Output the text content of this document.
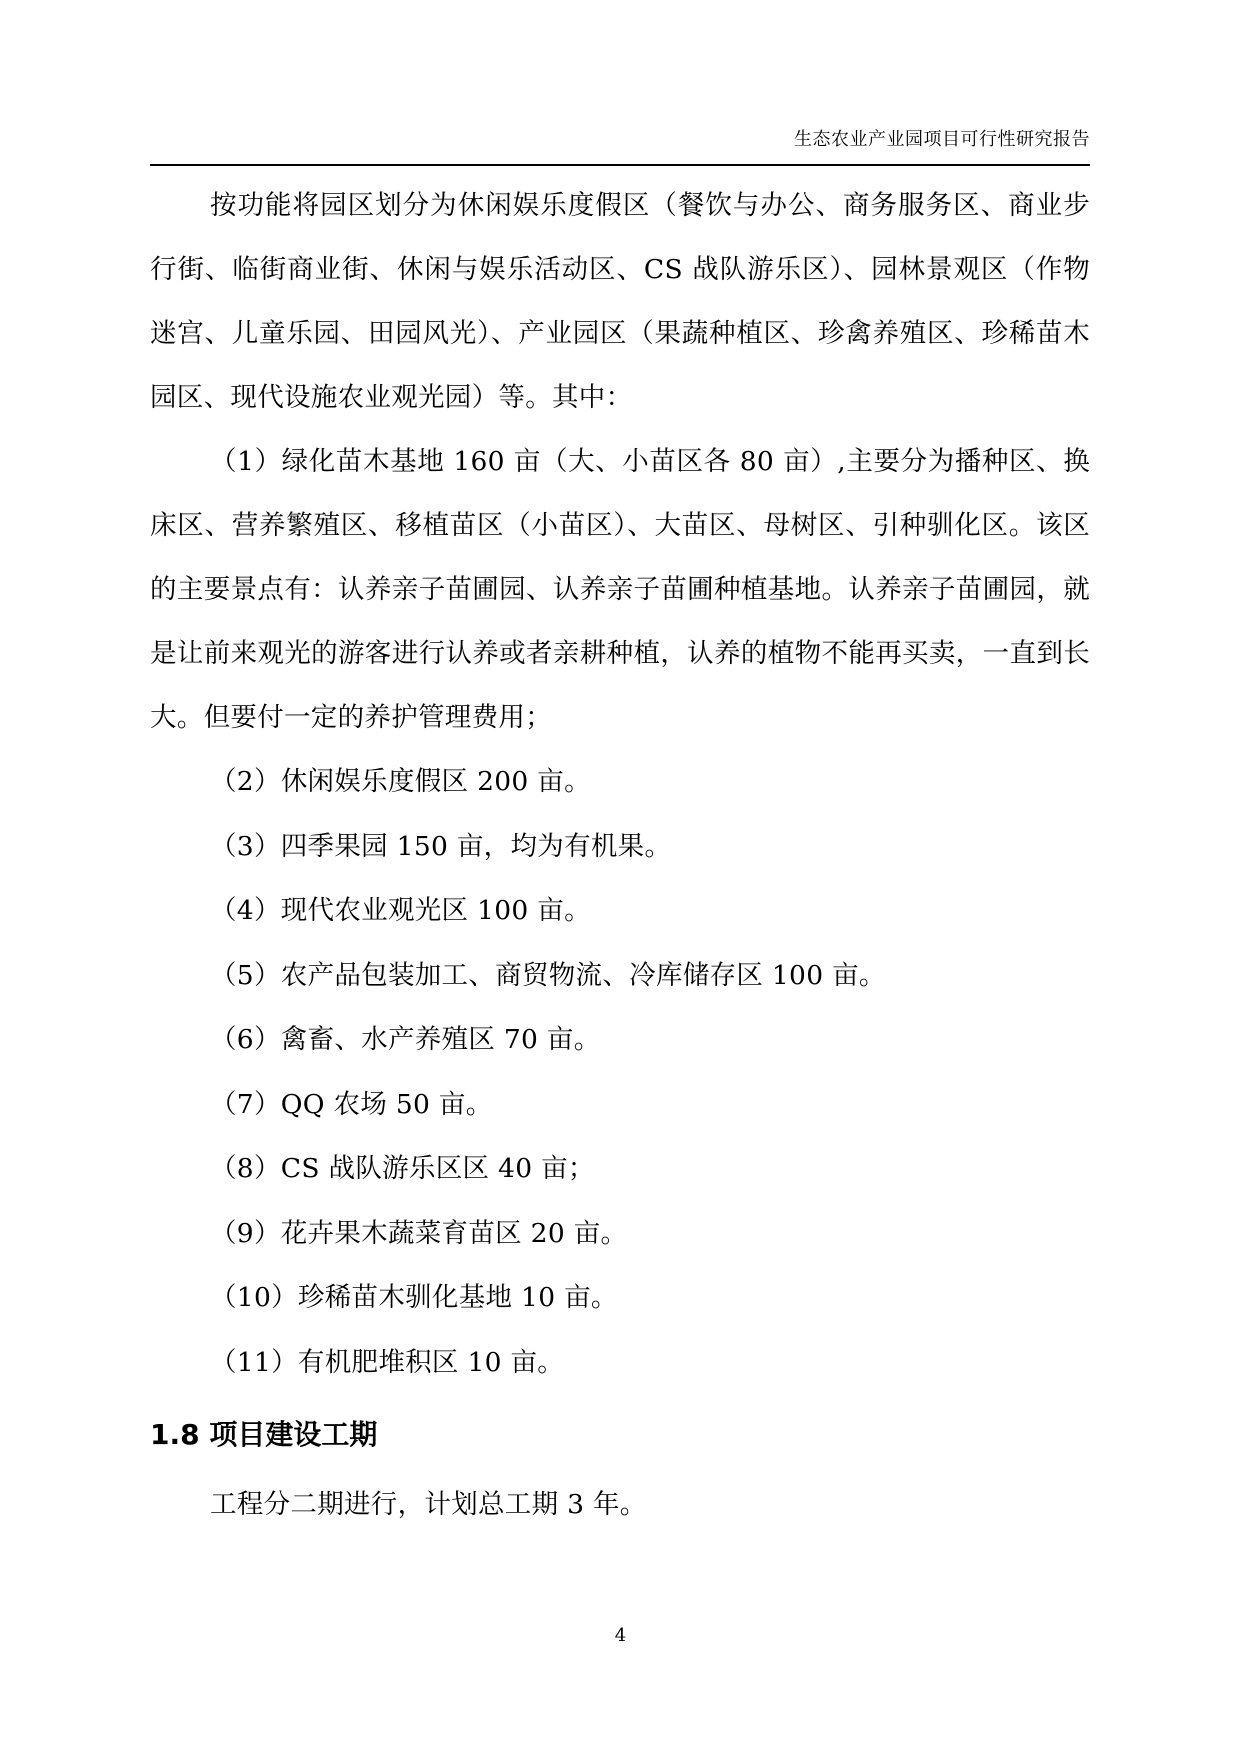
生态农业产业园项目可行性研究报告

按功能将园区划分为休闲娱乐度假区（餐饮与办公、商务服务区、商业步行街、临街商业街、休闲与娱乐活动区、CS 战队游乐区）、园林景观区（作物迷宫、儿童乐园、田园风光）、产业园区（果蔬种植区、珍禽养殖区、珍稀苗木园区、现代设施农业观光园）等。其中：

（1）绿化苗木基地 160 亩（大、小苗区各 80 亩）,主要分为播种区、换床区、营养繁殖区、移植苗区（小苗区）、大苗区、母树区、引种驯化区。该区的主要景点有：认养亲子苗圃园、认养亲子苗圃种植基地。认养亲子苗圃园，就是让前来观光的游客进行认养或者亲耕种植，认养的植物不能再买卖，一直到长大。但要付一定的养护管理费用；

（2）休闲娱乐度假区 200 亩。

（3）四季果园 150 亩，均为有机果。

（4）现代农业观光区 100 亩。

（5）农产品包装加工、商贸物流、冷库储存区 100 亩。

（6）禽畜、水产养殖区 70 亩。

（7）QQ 农场 50 亩。

（8）CS 战队游乐区区 40 亩；

（9）花卉果木蔬菜育苗区 20 亩。

（10）珍稀苗木驯化基地 10 亩。

（11）有机肥堆积区 10 亩。

1.8 项目建设工期

工程分二期进行，计划总工期 3 年。

4
